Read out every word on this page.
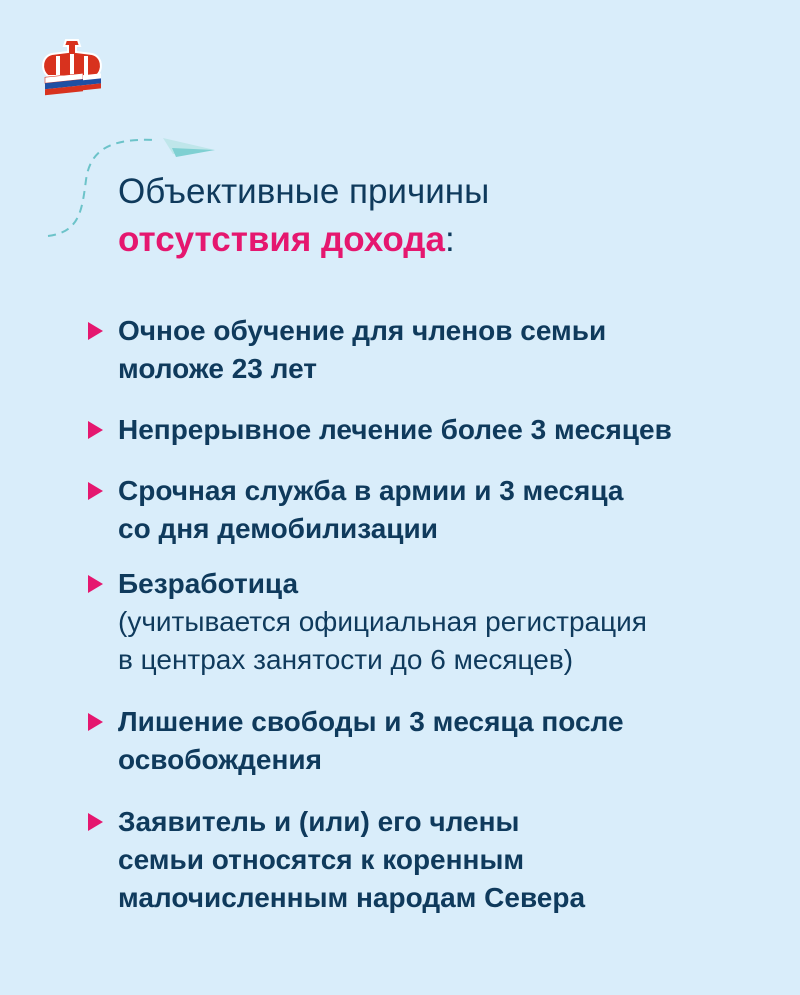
Объективные причины
отсутствия дохода:
Очное обучение для членов семьи
моложе 23 лет
Непрерывное лечение более 3 месяцев
Срочная служба в армии и 3 месяца
со дня демобилизации
Безработица
(учитывается официальная регистрация
в центрах занятости до 6 месяцев)
Лишение свободы и 3 месяца после
освобождения
Заявитель и (или) его члены
семьи относятся к коренным
малочисленным народам Севера
